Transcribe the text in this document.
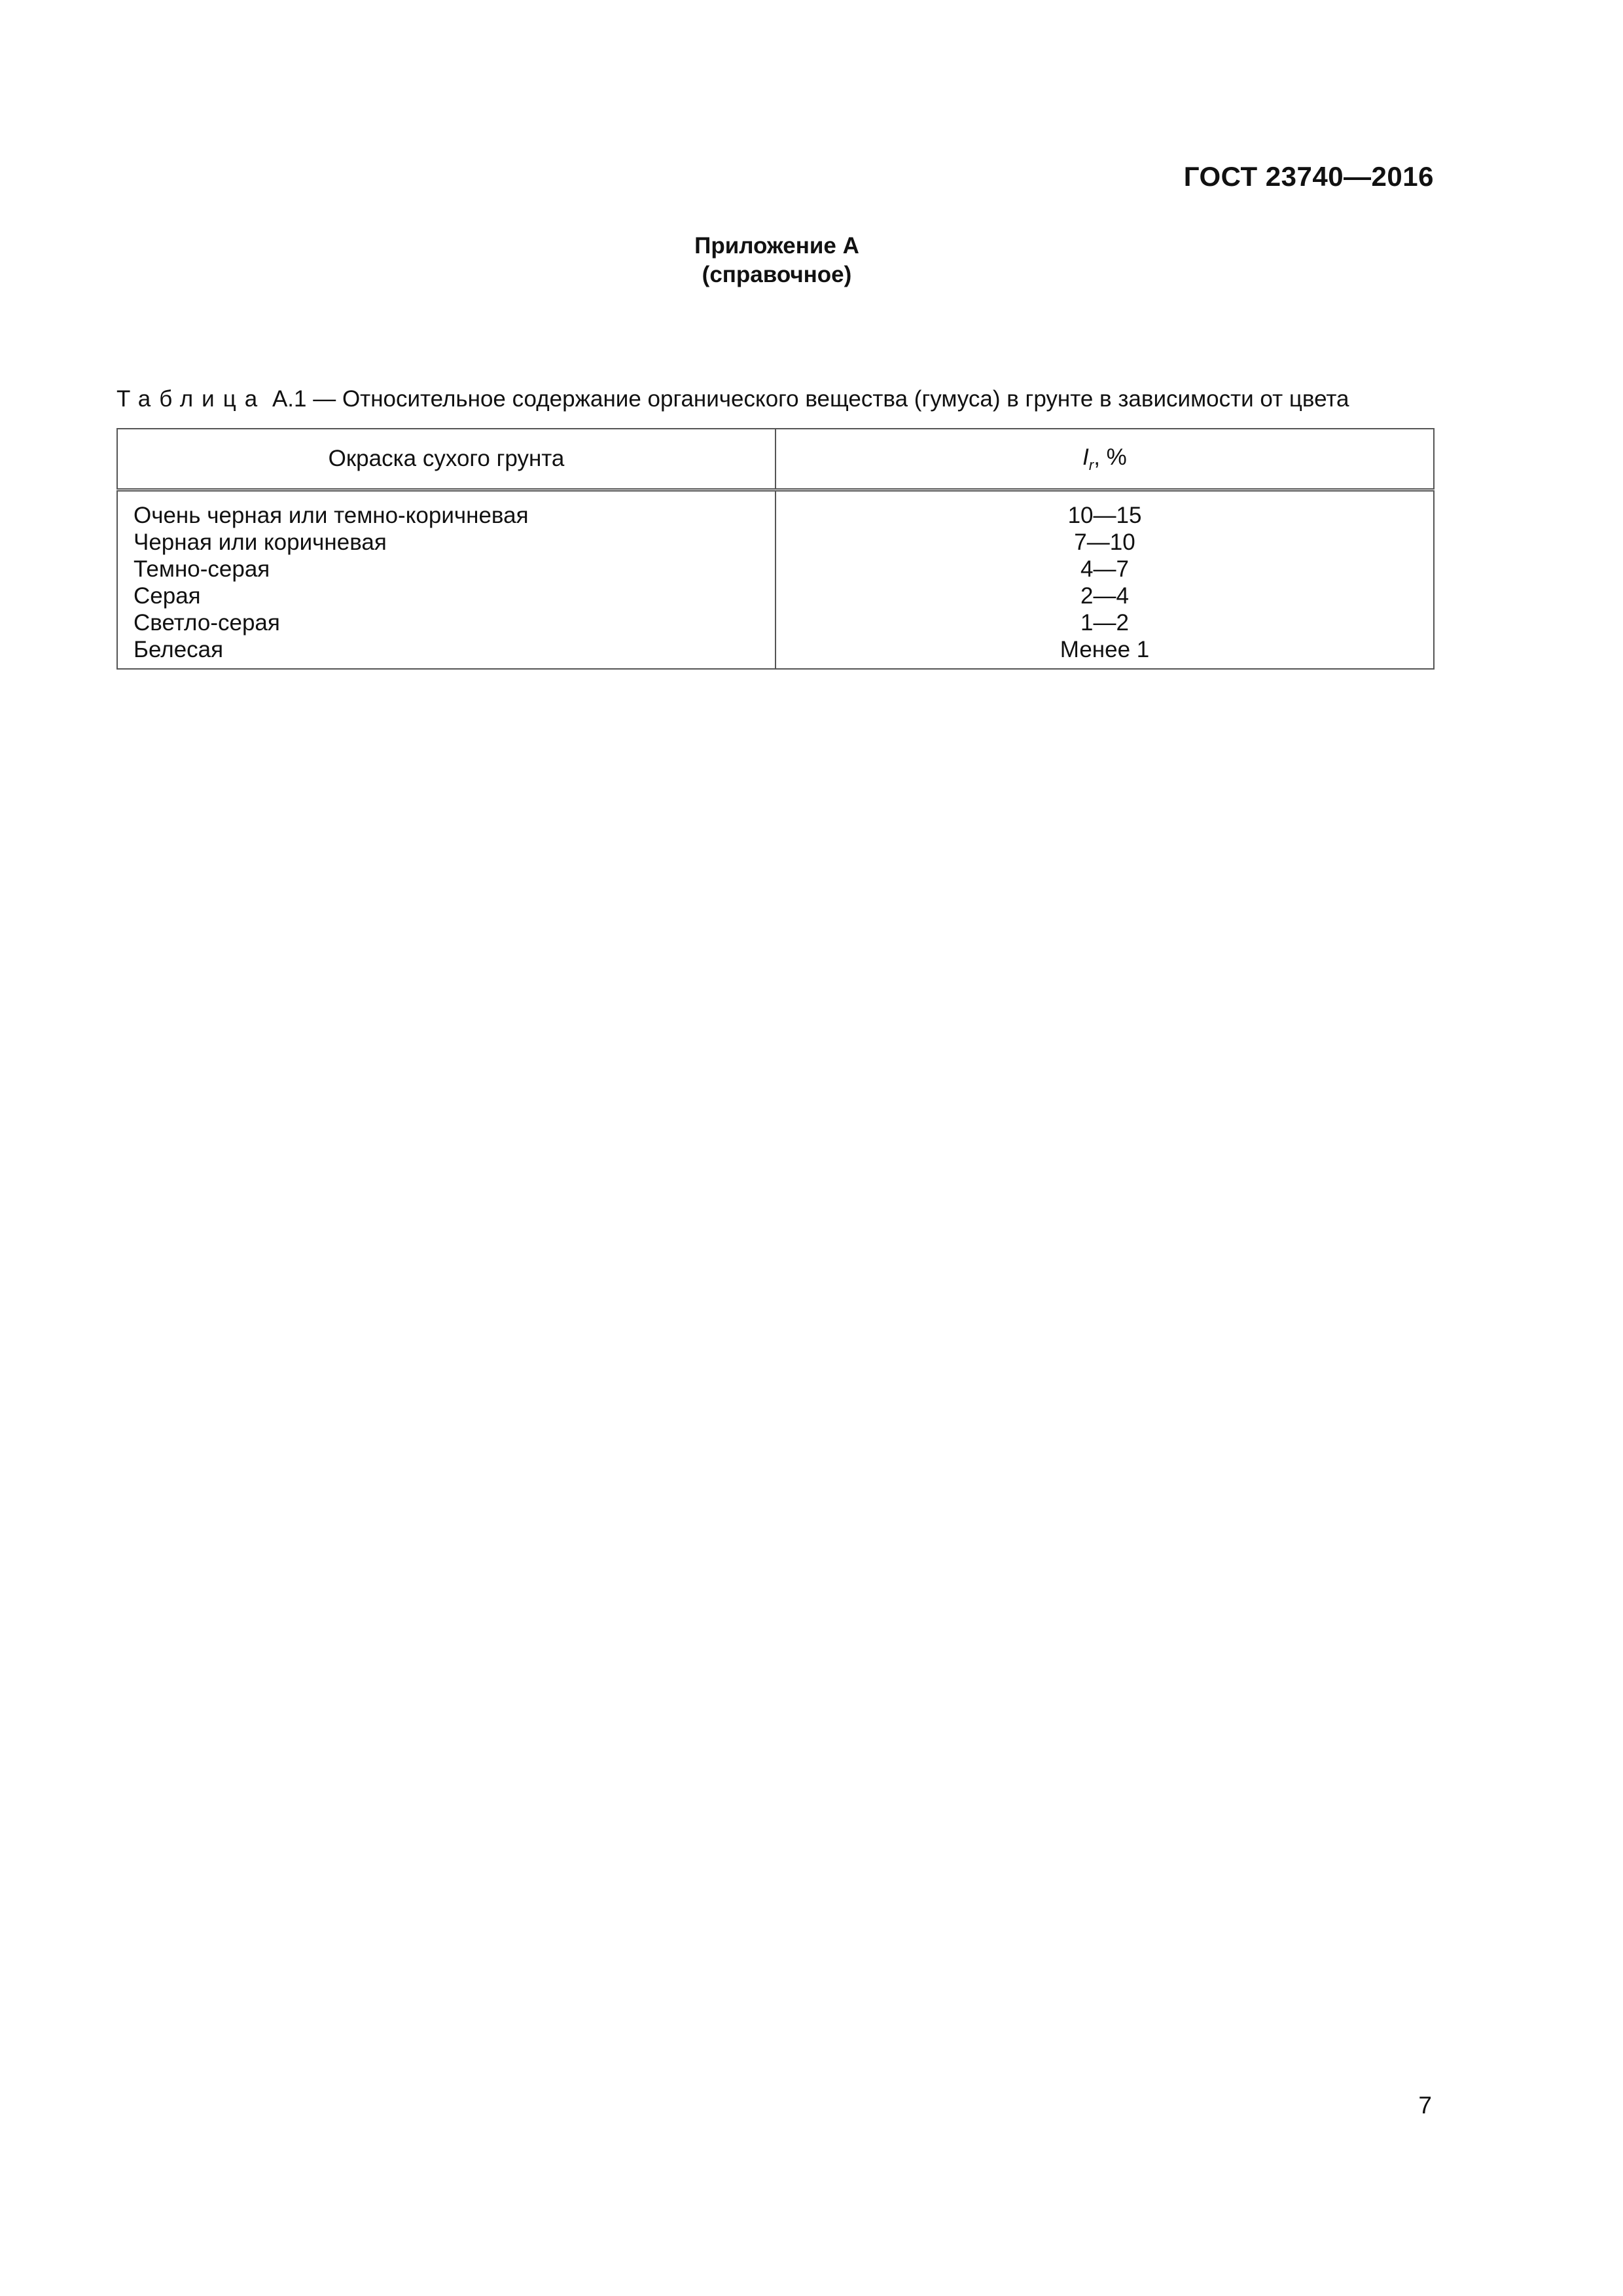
ГОСТ 23740—2016
Приложение А
(справочное)
Таблица А.1 — Относительное содержание органического вещества (гумуса) в грунте в зависимости от цвета
Окраска сухого грунта	$I_r$, %
Очень черная или темно-коричневая	10—15
Черная или коричневая	7—10
Темно-серая	4—7
Серая	2—4
Светло-серая	1—2
Белесая	Менее 1
7
